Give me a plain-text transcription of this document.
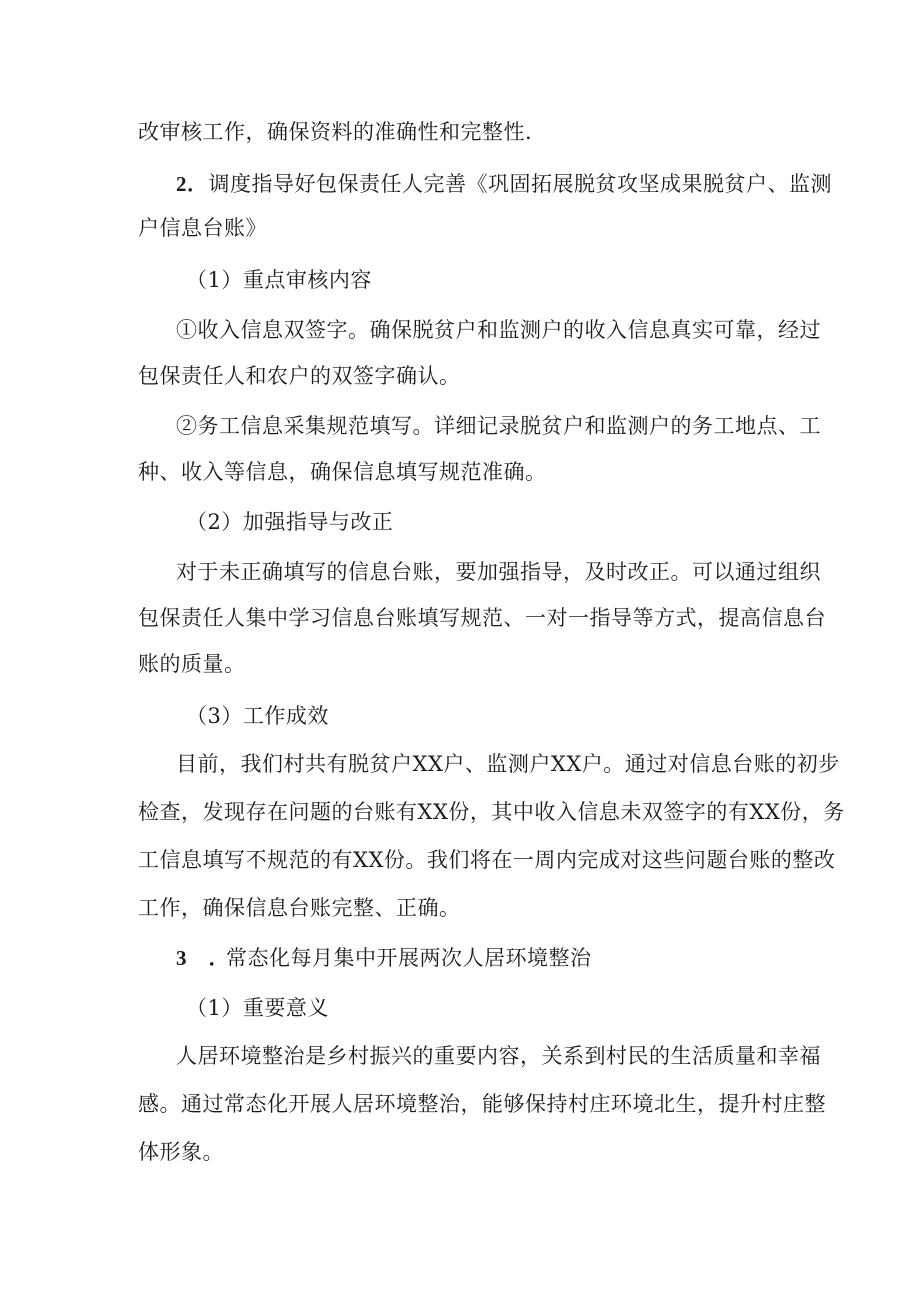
改审核工作，确保资料的准确性和完整性.
2．调度指导好包保责任人完善《巩固拓展脱贫攻坚成果脱贫户、监测
户信息台账》
（1）重点审核内容
①收入信息双签字。确保脱贫户和监测户的收入信息真实可靠，经过
包保责任人和农户的双签字确认。
②务工信息采集规范填写。详细记录脱贫户和监测户的务工地点、工
种、收入等信息，确保信息填写规范准确。
（2）加强指导与改正
对于未正确填写的信息台账，要加强指导，及时改正。可以通过组织
包保责任人集中学习信息台账填写规范、一对一指导等方式，提高信息台
账的质量。
（3）工作成效
目前，我们村共有脱贫户XX户、监测户XX户。通过对信息台账的初步
检查，发现存在问题的台账有XX份，其中收入信息未双签字的有XX份，务
工信息填写不规范的有XX份。我们将在一周内完成对这些问题台账的整改
工作，确保信息台账完整、正确。
3　．常态化每月集中开展两次人居环境整治
（1）重要意义
人居环境整治是乡村振兴的重要内容，关系到村民的生活质量和幸福
感。通过常态化开展人居环境整治，能够保持村庄环境北生，提升村庄整
体形象。
